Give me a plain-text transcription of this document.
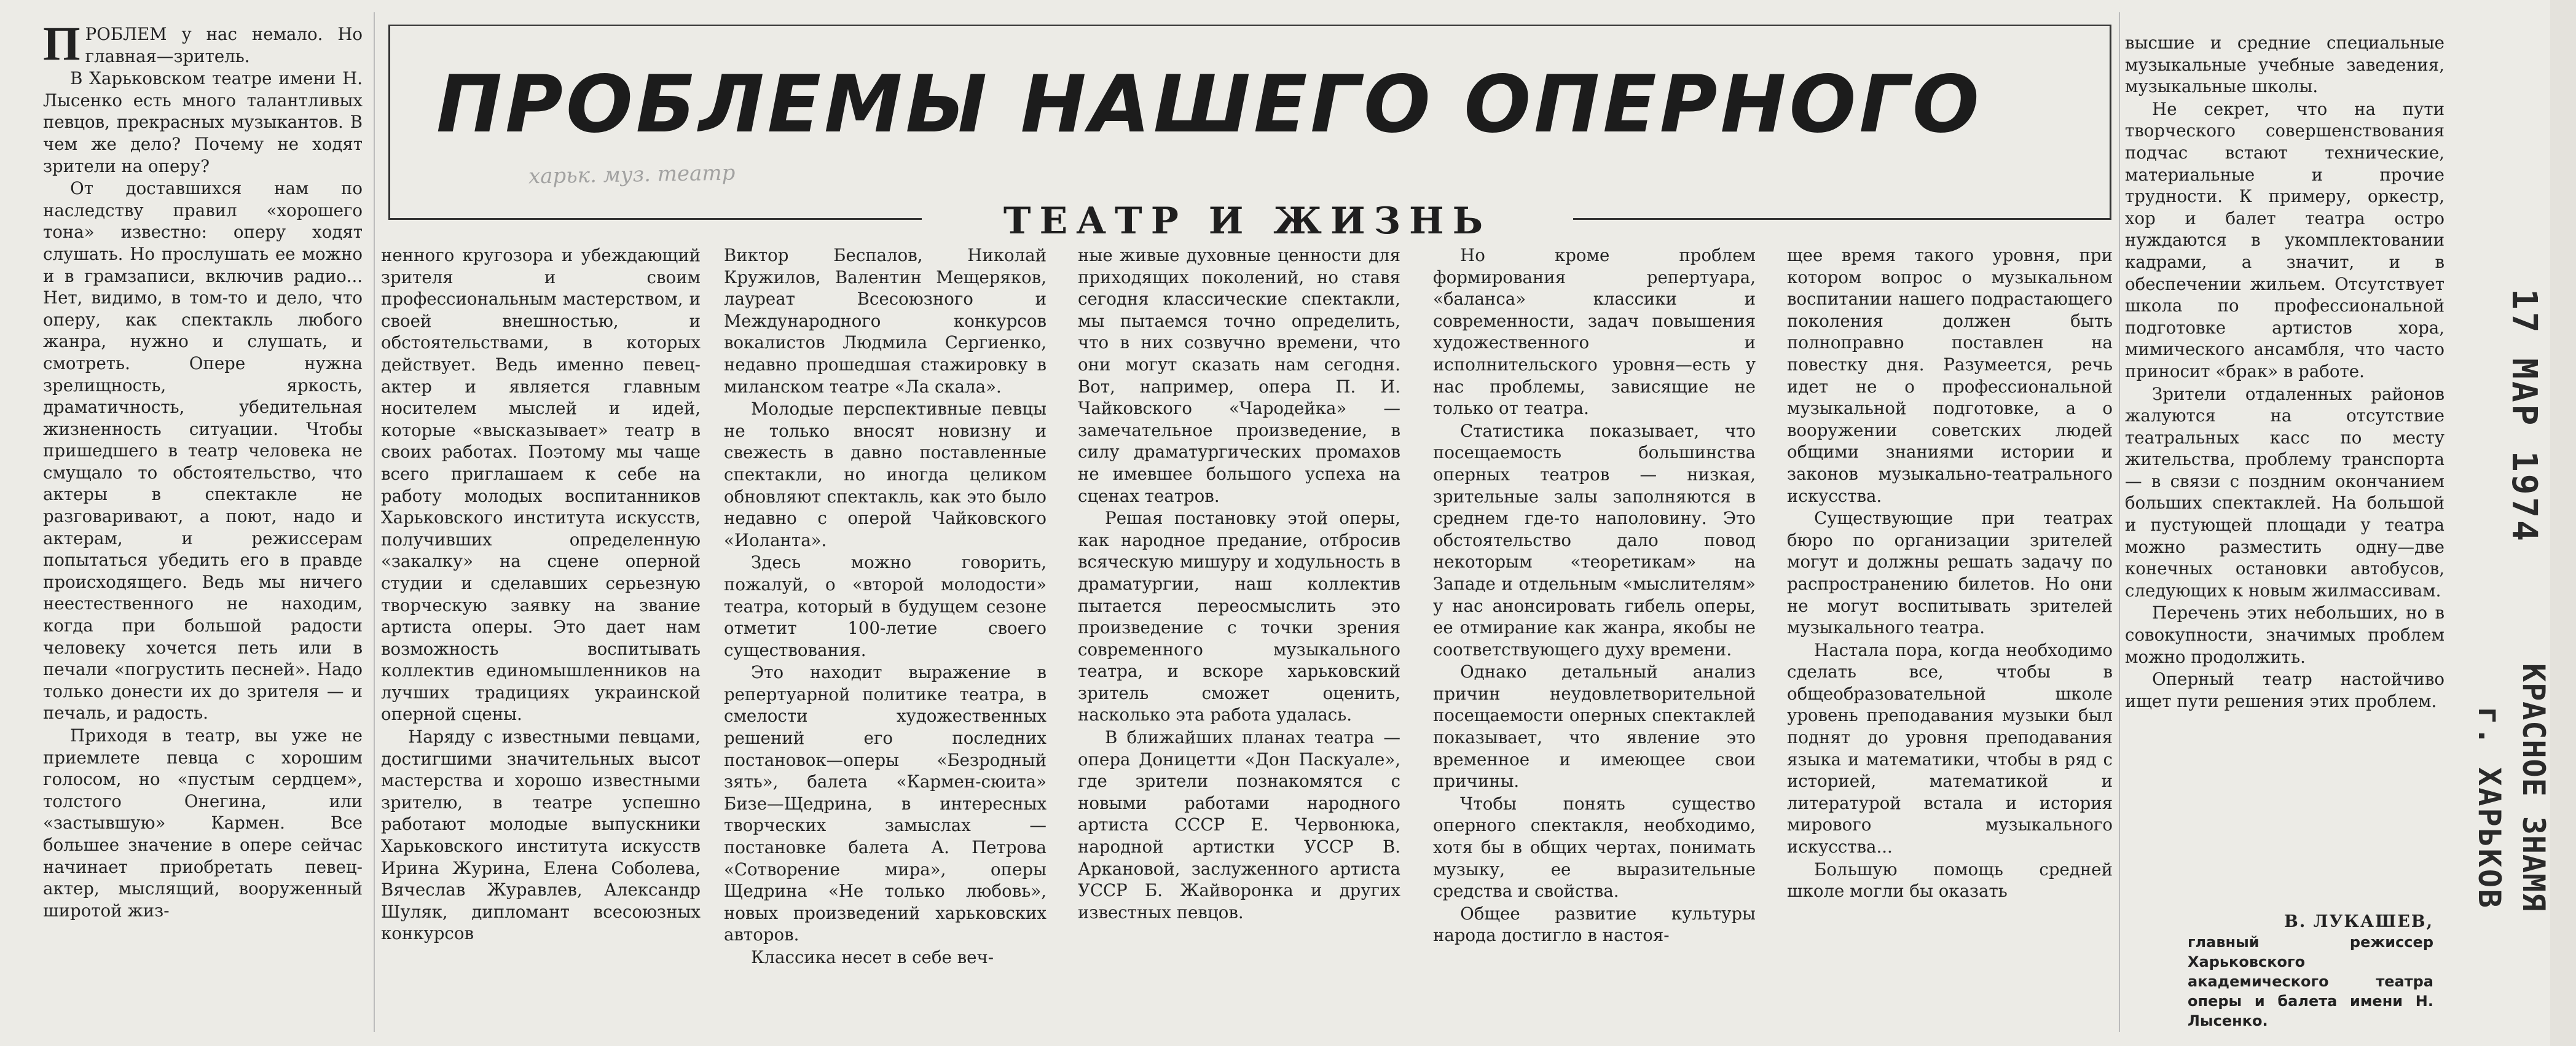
ПРОБЛЕМ у нас немало. Но главная—зритель.

В Харьковском театре имени Н. Лысенко есть много талантливых певцов, прекрасных музыкантов. В чем же дело? Почему не ходят зрители на оперу?

От доставшихся нам по наследству правил «хорошего тона» известно: оперу ходят слушать. Но прослушать ее можно и в грамзаписи, включив радио... Нет, видимо, в том-то и дело, что оперу, как спектакль любого жанра, нужно и слушать, и смотреть. Опере нужна зрелищность, яркость, драматичность, убедительная жизненность ситуации. Чтобы пришедшего в театр человека не смущало то обстоятельство, что актеры в спектакле не разговаривают, а поют, надо и актерам, и режиссерам попытаться убедить его в правде происходящего. Ведь мы ничего неестественного не находим, когда при большой радости человеку хочется петь или в печали «погрустить песней». Надо только донести их до зрителя — и печаль, и радость.

Приходя в театр, вы уже не приемлете певца с хорошим голосом, но «пустым сердцем», толстого Онегина, или «застывшую» Кармен. Все большее значение в опере сейчас начинает приобретать певец-актер, мыслящий, вооруженный широтой жиз-

ПРОБЛЕМЫ НАШЕГО ОПЕРНОГО
харьк. муз. театр
ТЕАТР И ЖИЗНЬ

ненного кругозора и убеждающий зрителя и своим профессиональным мастерством, и своей внешностью, и обстоятельствами, в которых действует. Ведь именно певец-актер и является главным носителем мыслей и идей, которые «высказывает» театр в своих работах. Поэтому мы чаще всего приглашаем к себе на работу молодых воспитанников Харьковского института искусств, получивших определенную «закалку» на сцене оперной студии и сделавших серьезную творческую заявку на звание артиста оперы. Это дает нам возможность воспитывать коллектив единомышленников на лучших традициях украинской оперной сцены.

Наряду с известными певцами, достигшими значительных высот мастерства и хорошо известными зрителю, в театре успешно работают молодые выпускники Харьковского института искусств Ирина Журина, Елена Соболева, Вячеслав Журавлев, Александр Шуляк, дипломант всесоюзных конкурсов

Виктор Беспалов, Николай Кружилов, Валентин Мещеряков, лауреат Всесоюзного и Международного конкурсов вокалистов Людмила Сергиенко, недавно прошедшая стажировку в миланском театре «Ла скала».

Молодые перспективные певцы не только вносят новизну и свежесть в давно поставленные спектакли, но иногда целиком обновляют спектакль, как это было недавно с оперой Чайковского «Иоланта».

Здесь можно говорить, пожалуй, о «второй молодости» театра, который в будущем сезоне отметит 100-летие своего существования.

Это находит выражение в репертуарной политике театра, в смелости художественных решений его последних постановок—оперы «Безродный зять», балета «Кармен-сюита» Бизе—Щедрина, в интересных творческих замыслах — постановке балета А. Петрова «Сотворение мира», оперы Щедрина «Не только любовь», новых произведений харьковских авторов.

Классика несет в себе веч-

ные живые духовные ценности для приходящих поколений, но ставя сегодня классические спектакли, мы пытаемся точно определить, что в них созвучно времени, что они могут сказать нам сегодня. Вот, например, опера П. И. Чайковского «Чародейка» — замечательное произведение, в силу драматургических промахов не имевшее большого успеха на сценах театров.

Решая постановку этой оперы, как народное предание, отбросив всяческую мишуру и ходульность в драматургии, наш коллектив пытается переосмыслить это произведение с точки зрения современного музыкального театра, и вскоре харьковский зритель сможет оценить, насколько эта работа удалась.

В ближайших планах театра — опера Доницетти «Дон Паскуале», где зрители познакомятся с новыми работами народного артиста СССР Е. Червонюка, народной артистки УССР В. Аркановой, заслуженного артиста УССР Б. Жайворонка и других известных певцов.

Но кроме проблем формирования репертуара, «баланса» классики и современности, задач повышения художественного и исполнительского уровня—есть у нас проблемы, зависящие не только от театра.

Статистика показывает, что посещаемость большинства оперных театров — низкая, зрительные залы заполняются в среднем где-то наполовину. Это обстоятельство дало повод некоторым «теоретикам» на Западе и отдельным «мыслителям» у нас анонсировать гибель оперы, ее отмирание как жанра, якобы не соответствующего духу времени.

Однако детальный анализ причин неудовлетворительной посещаемости оперных спектаклей показывает, что явление это временное и имеющее свои причины.

Чтобы понять существо оперного спектакля, необходимо, хотя бы в общих чертах, понимать музыку, ее выразительные средства и свойства.

Общее развитие культуры народа достигло в настоя-

щее время такого уровня, при котором вопрос о музыкальном воспитании нашего подрастающего поколения должен быть полноправно поставлен на повестку дня. Разумеется, речь идет не о профессиональной музыкальной подготовке, а о вооружении советских людей общими знаниями истории и законов музыкально-театрального искусства.

Существующие при театрах бюро по организации зрителей могут и должны решать задачу по распространению билетов. Но они не могут воспитывать зрителей музыкального театра.

Настала пора, когда необходимо сделать все, чтобы в общеобразовательной школе уровень преподавания музыки был поднят до уровня преподавания языка и математики, чтобы в ряд с историей, математикой и литературой встала и история мирового музыкального искусства...

Большую помощь средней школе могли бы оказать

высшие и средние специальные музыкальные учебные заведения, музыкальные школы.

Не секрет, что на пути творческого совершенствования подчас встают технические, материальные и прочие трудности. К примеру, оркестр, хор и балет театра остро нуждаются в укомплектовании кадрами, а значит, и в обеспечении жильем. Отсутствует школа по профессиональной подготовке артистов хора, мимического ансамбля, что часто приносит «брак» в работе.

Зрители отдаленных районов жалуются на отсутствие театральных касс по месту жительства, проблему транспорта — в связи с поздним окончанием больших спектаклей. На большой и пустующей площади у театра можно разместить одну—две конечных остановки автобусов, следующих к новым жилмассивам.

Перечень этих небольших, но в совокупности, значимых проблем можно продолжить.

Оперный театр настойчиво ищет пути решения этих проблем.

В. ЛУКАШЕВ,
главный режиссер Харьковского академического театра оперы и балета имени Н. Лысенко.
17 МАР 1974
КРАСНОЕ ЗНАМЯ
г. ХАРЬКОВ
